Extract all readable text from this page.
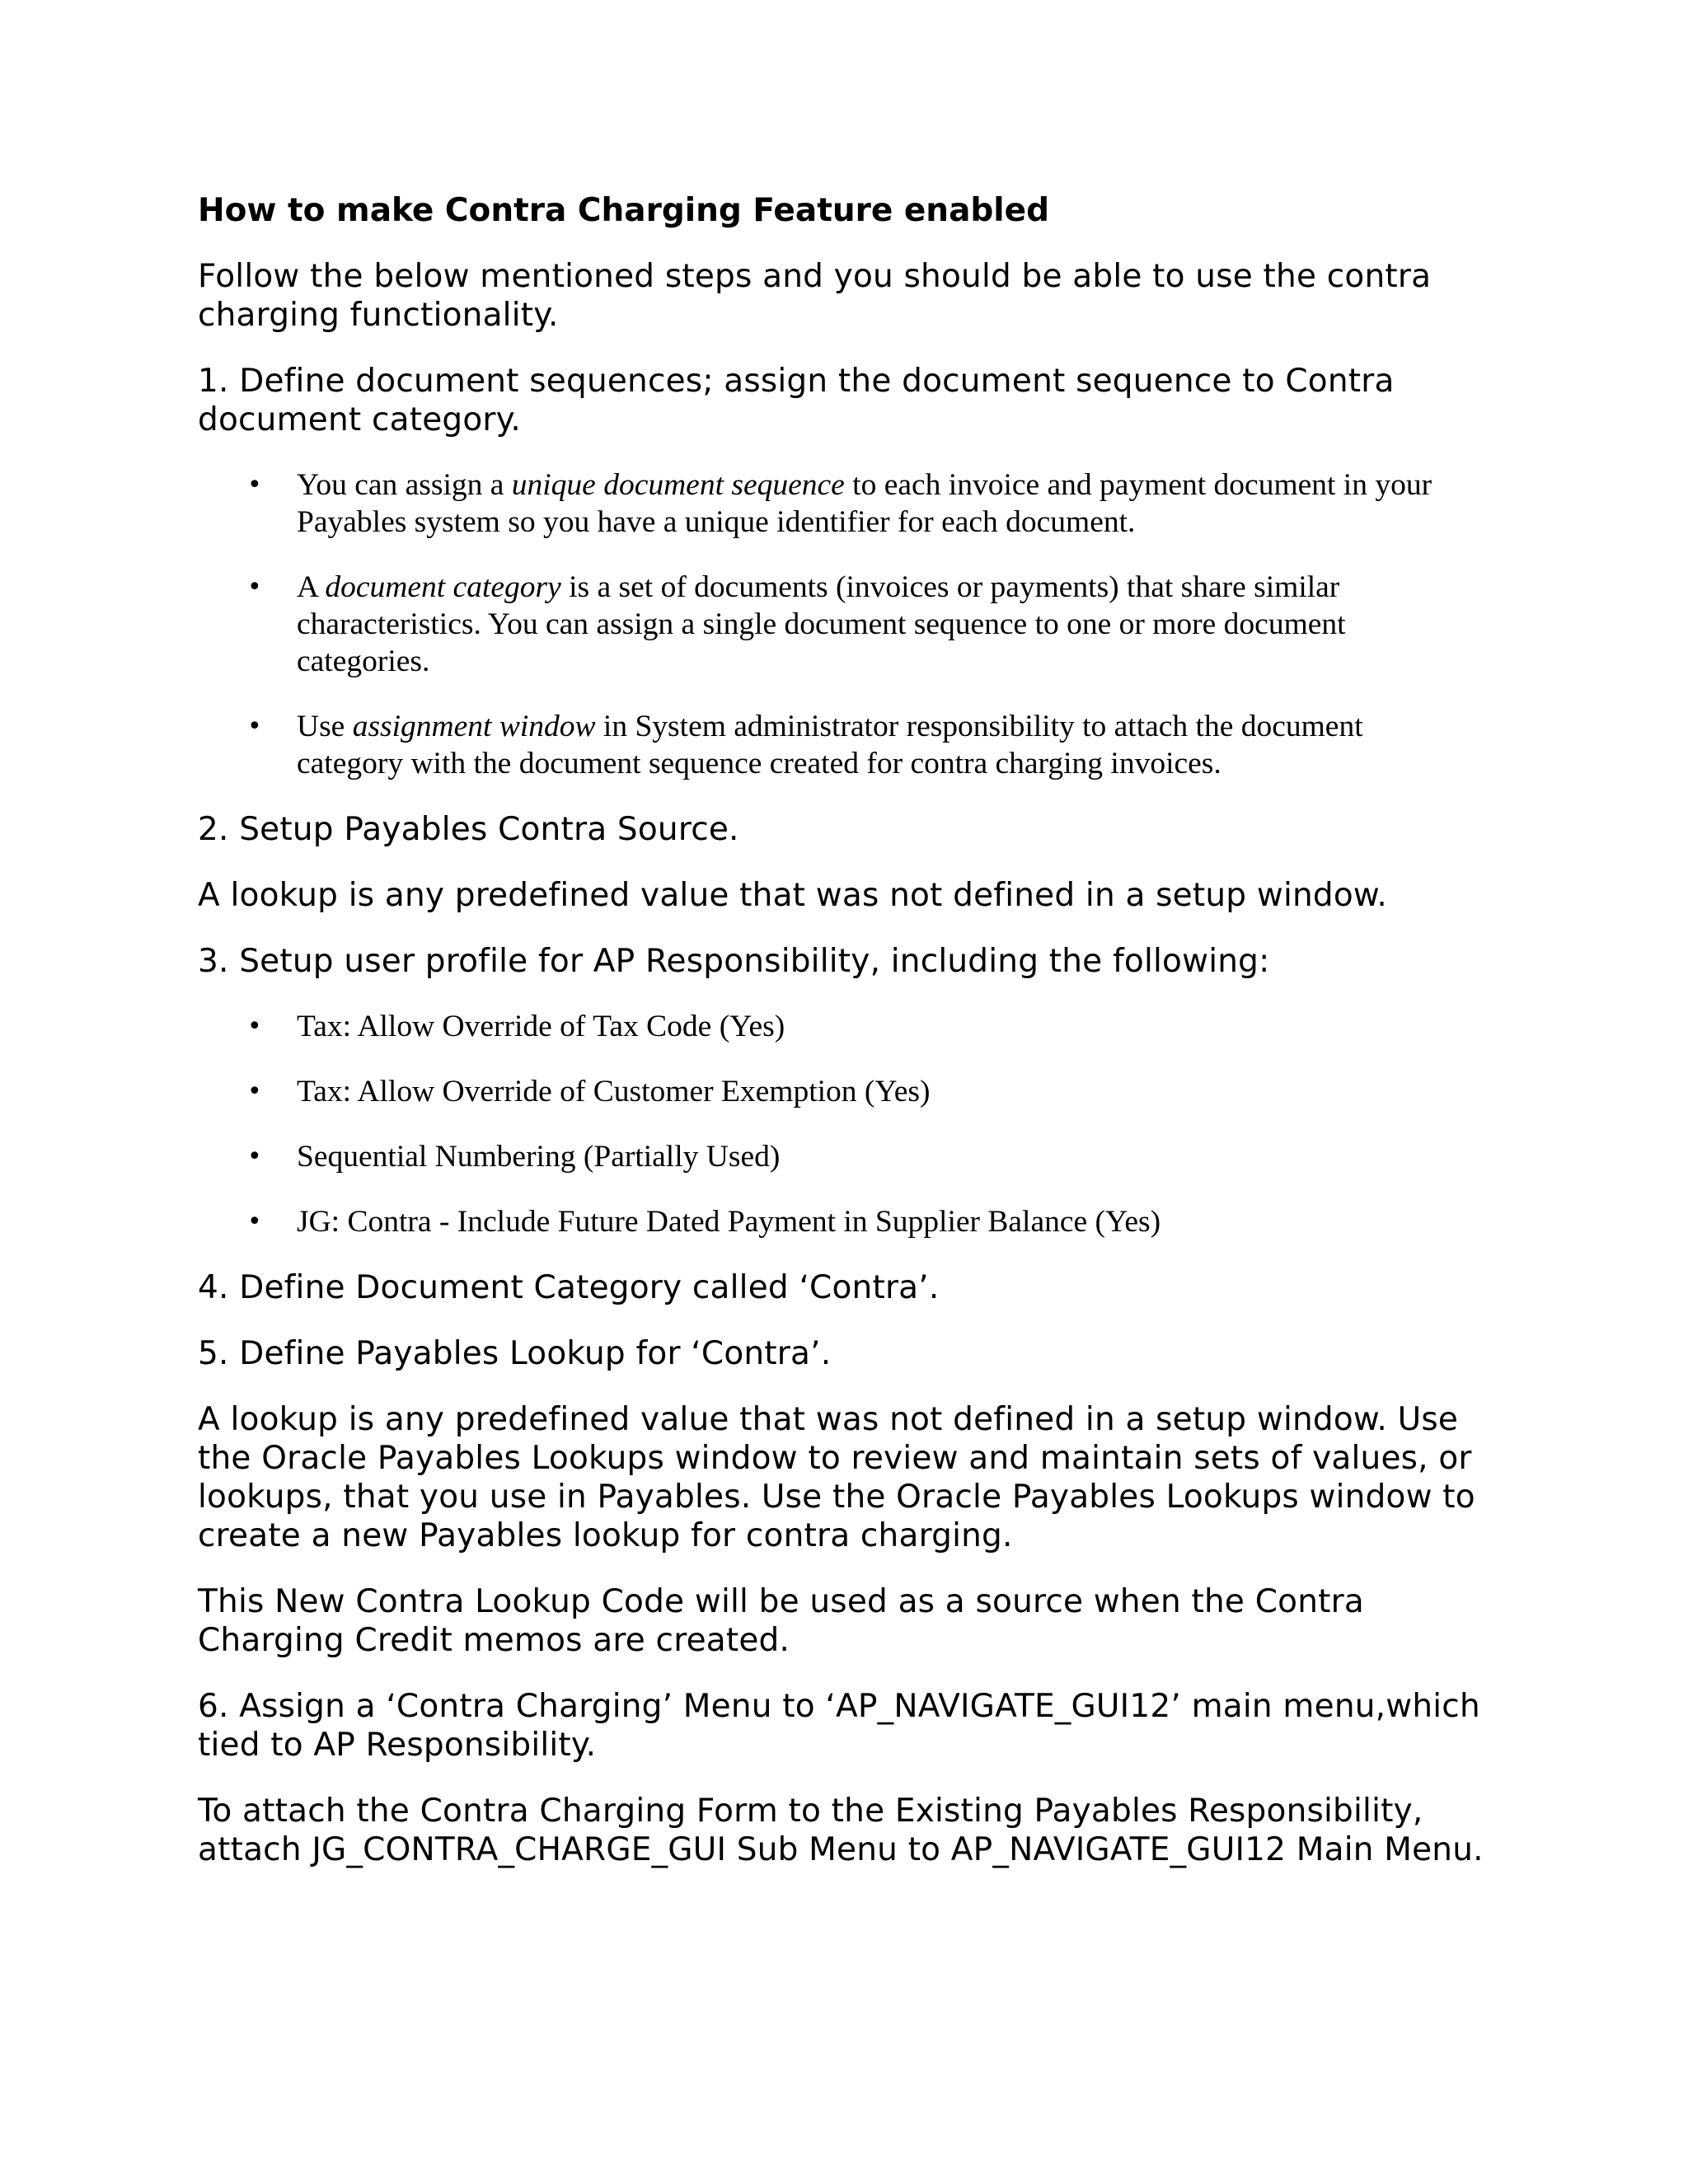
How to make Contra Charging Feature enabled

Follow the below mentioned steps and you should be able to use the contra charging functionality.

1. Define document sequences; assign the document sequence to Contra document category.

• You can assign a unique document sequence to each invoice and payment document in your Payables system so you have a unique identifier for each document.
• A document category is a set of documents (invoices or payments) that share similar characteristics. You can assign a single document sequence to one or more document categories.
• Use assignment window in System administrator responsibility to attach the document category with the document sequence created for contra charging invoices.

2. Setup Payables Contra Source.

A lookup is any predefined value that was not defined in a setup window.

3. Setup user profile for AP Responsibility, including the following:

• Tax: Allow Override of Tax Code (Yes)
• Tax: Allow Override of Customer Exemption (Yes)
• Sequential Numbering (Partially Used)
• JG: Contra - Include Future Dated Payment in Supplier Balance (Yes)

4. Define Document Category called ‘Contra’.

5. Define Payables Lookup for ‘Contra’.

A lookup is any predefined value that was not defined in a setup window. Use the Oracle Payables Lookups window to review and maintain sets of values, or lookups, that you use in Payables. Use the Oracle Payables Lookups window to create a new Payables lookup for contra charging.

This New Contra Lookup Code will be used as a source when the Contra Charging Credit memos are created.

6. Assign a ‘Contra Charging’ Menu to ‘AP_NAVIGATE_GUI12’ main menu,which tied to AP Responsibility.

To attach the Contra Charging Form to the Existing Payables Responsibility, attach JG_CONTRA_CHARGE_GUI Sub Menu to AP_NAVIGATE_GUI12 Main Menu.
